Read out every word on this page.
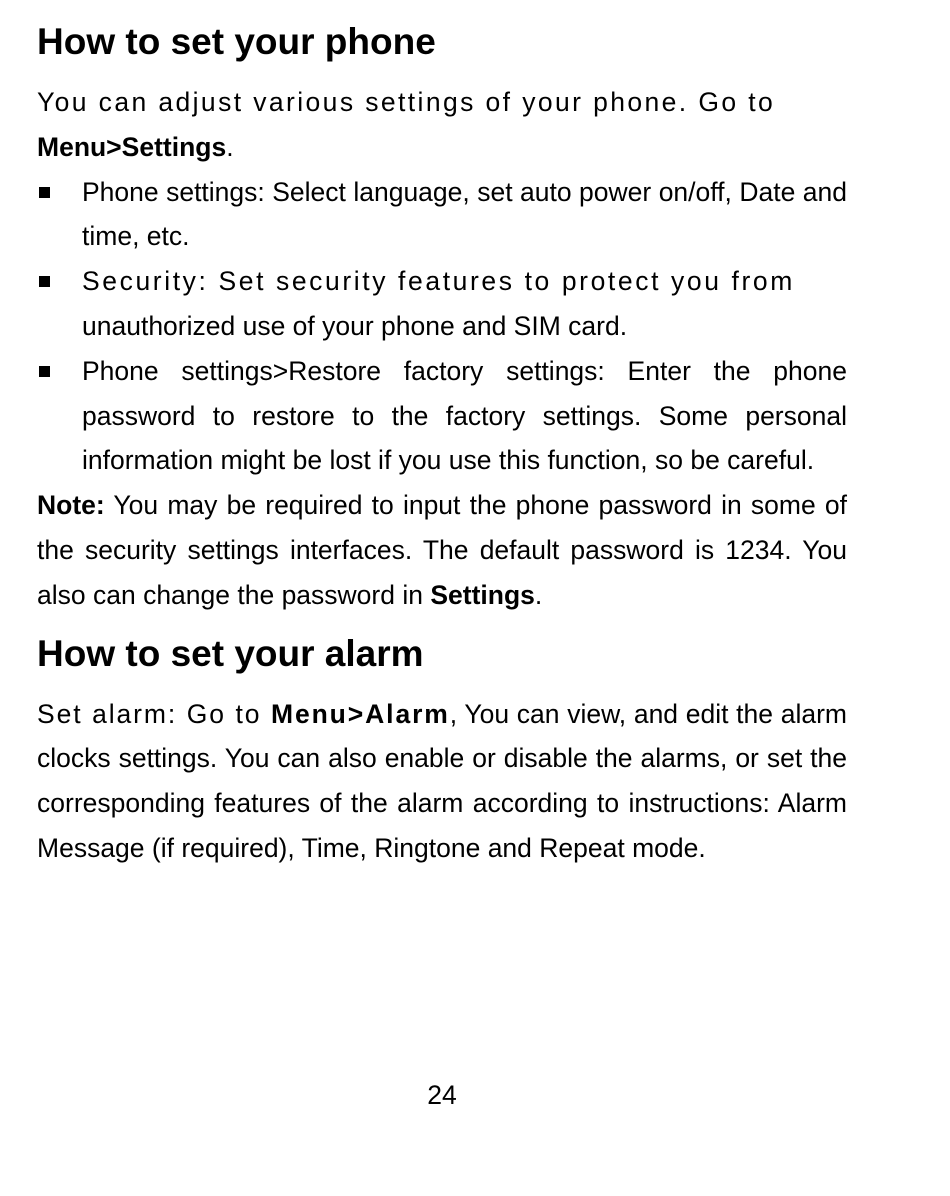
How to set your phone

You can adjust various settings of your phone. Go to
Menu>Settings.

Phone settings: Select language, set auto power on/off, Date and time, etc.
Security: Set security features to protect you from
unauthorized use of your phone and SIM card.
Phone settings>Restore factory settings: Enter the phone password to restore to the factory settings. Some personal information might be lost if you use this function, so be careful.

Note: You may be required to input the phone password in some of the security settings interfaces. The default password is 1234. You also can change the password in Settings.

How to set your alarm

Set alarm: Go to Menu>Alarm, You can view, and edit the alarm clocks settings. You can also enable or disable the alarms, or set the corresponding features of the alarm according to instructions: Alarm Message (if required), Time, Ringtone and Repeat mode.

24
